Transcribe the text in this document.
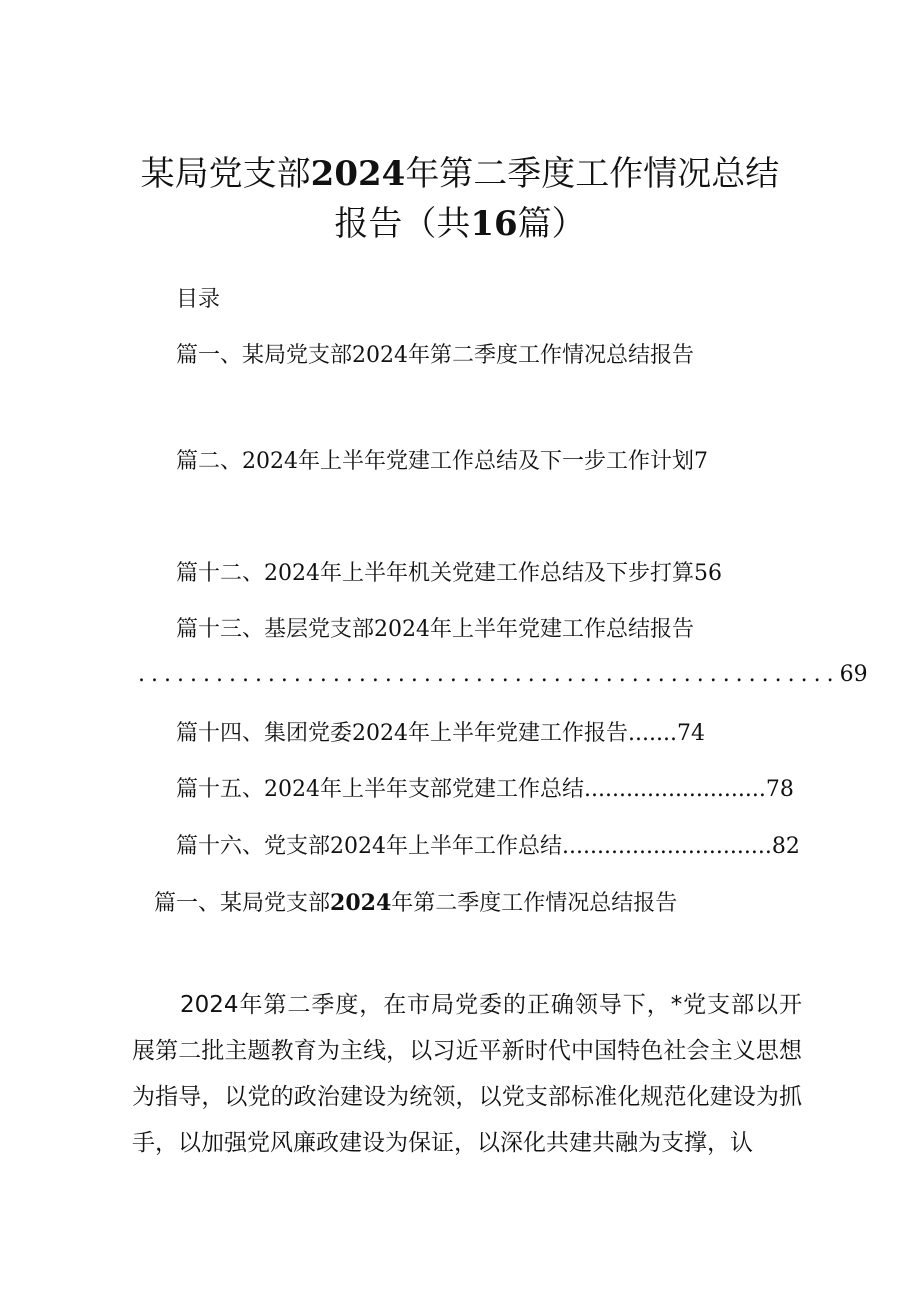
某局党支部2024年第二季度工作情况总结
报告（共16篇）
目录
篇一、某局党支部2024年第二季度工作情况总结报告
篇二、2024年上半年党建工作总结及下一步工作计划7
篇十二、2024年上半年机关党建工作总结及下步打算56
篇十三、基层党支部2024年上半年党建工作总结报告
......................................................69
篇十四、集团党委2024年上半年党建工作报告.......74
篇十五、2024年上半年支部党建工作总结..........................78
篇十六、党支部2024年上半年工作总结..............................82
篇一、某局党支部2024年第二季度工作情况总结报告

2024年第二季度，在市局党委的正确领导下，*党支部以开展第二批主题教育为主线，以习近平新时代中国特色社会主义思想为指导，以党的政治建设为统领，以党支部标准化规范化建设为抓手，以加强党风廉政建设为保证，以深化共建共融为支撑，认
